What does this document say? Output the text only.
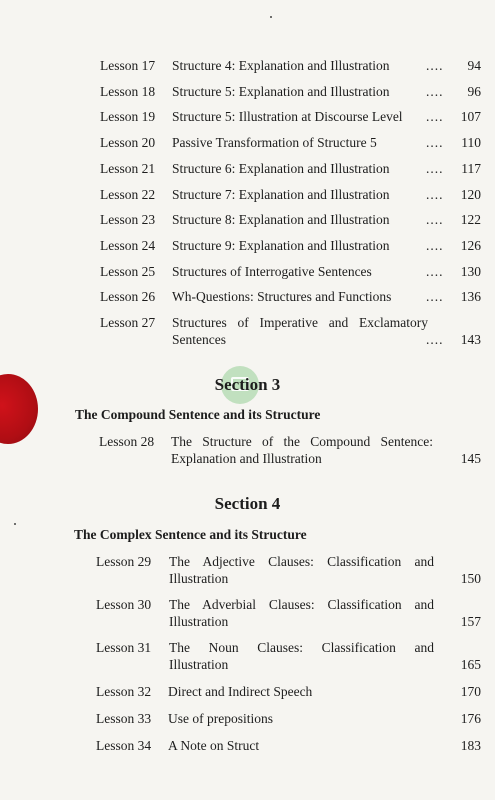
Lesson 17 Structure 4: Explanation and Illustration	....	94
Lesson 18 Structure 5: Explanation and Illustration	....	96
Lesson 19 Structure 5: Illustration at Discourse Level ....	107
Lesson 20 Passive Transformation of Structure 5	....	110
Lesson 21 Structure 6: Explanation and Illustration	....	117
Lesson 22 Structure 7: Explanation and Illustration	....	120
Lesson 23 Structure 8: Explanation and Illustration	....	122
Lesson 24 Structure 9: Explanation and Illustration	....	126
Lesson 25 Structures of Interrogative Sentences	....	130
Lesson 26 Wh-Questions: Structures and Functions	....	136
Lesson 27 Structures of Imperative and Exclamatory
Sentences	....	143
Section 3
The Compound Sentence and its Structure
Lesson 28 The Structure of the Compound Sentence:
Explanation and Illustration	145
Section 4
The Complex Sentence and its Structure
Lesson 29 The Adjective Clauses: Classification and
Illustration	150
Lesson 30 The Adverbial Clauses: Classification and
Illustration	157
Lesson 31 The Noun Clauses: Classification and
Illustration	165
Lesson 32 Direct and Indirect Speech	170
Lesson 33 Use of prepositions	176
Lesson 34 A Note on Struct	183
